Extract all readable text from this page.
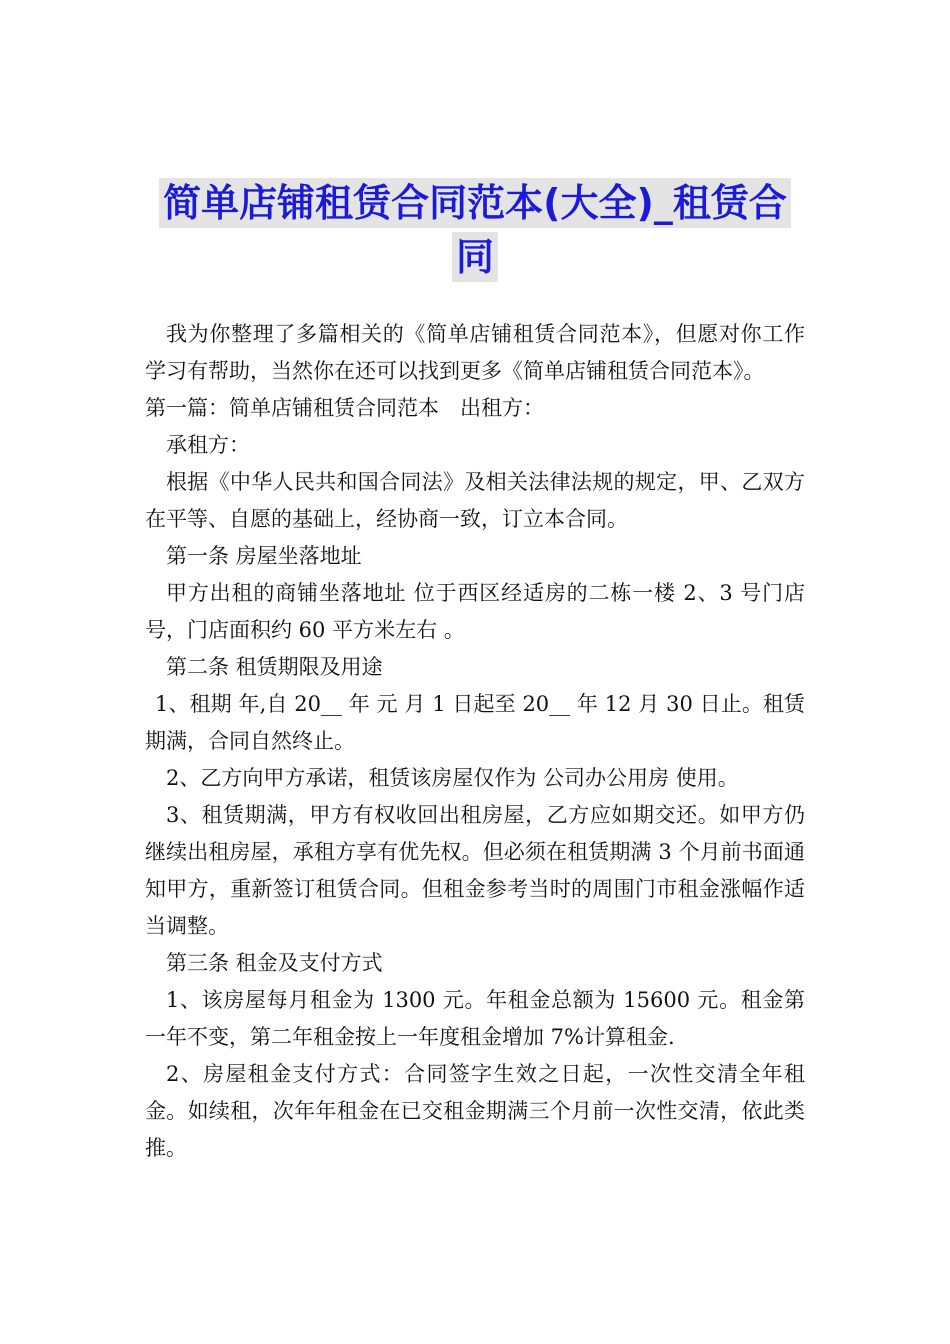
简单店铺租赁合同范本(大全)_租赁合
同

我为你整理了多篇相关的《简单店铺租赁合同范本》，但愿对你工作学习有帮助，当然你在还可以找到更多《简单店铺租赁合同范本》。

第一篇：简单店铺租赁合同范本　出租方：

承租方：

根据《中华人民共和国合同法》及相关法律法规的规定，甲、乙双方在平等、自愿的基础上，经协商一致，订立本合同。

第一条 房屋坐落地址

甲方出租的商铺坐落地址 位于西区经适房的二栋一楼 2、3 号门店号，门店面积约 60 平方米左右 。

第二条 租赁期限及用途

1、租期 年,自 20__ 年 元 月 1 日起至 20__ 年 12 月 30 日止。租赁期满，合同自然终止。

2、乙方向甲方承诺，租赁该房屋仅作为 公司办公用房 使用。

3、租赁期满，甲方有权收回出租房屋，乙方应如期交还。如甲方仍继续出租房屋，承租方享有优先权。但必须在租赁期满 3 个月前书面通知甲方，重新签订租赁合同。但租金参考当时的周围门市租金涨幅作适当调整。

第三条 租金及支付方式

1、该房屋每月租金为 1300 元。年租金总额为 15600 元。租金第一年不变，第二年租金按上一年度租金增加 7%计算租金.

2、房屋租金支付方式：合同签字生效之日起，一次性交清全年租金。如续租，次年年租金在已交租金期满三个月前一次性交清，依此类推。
